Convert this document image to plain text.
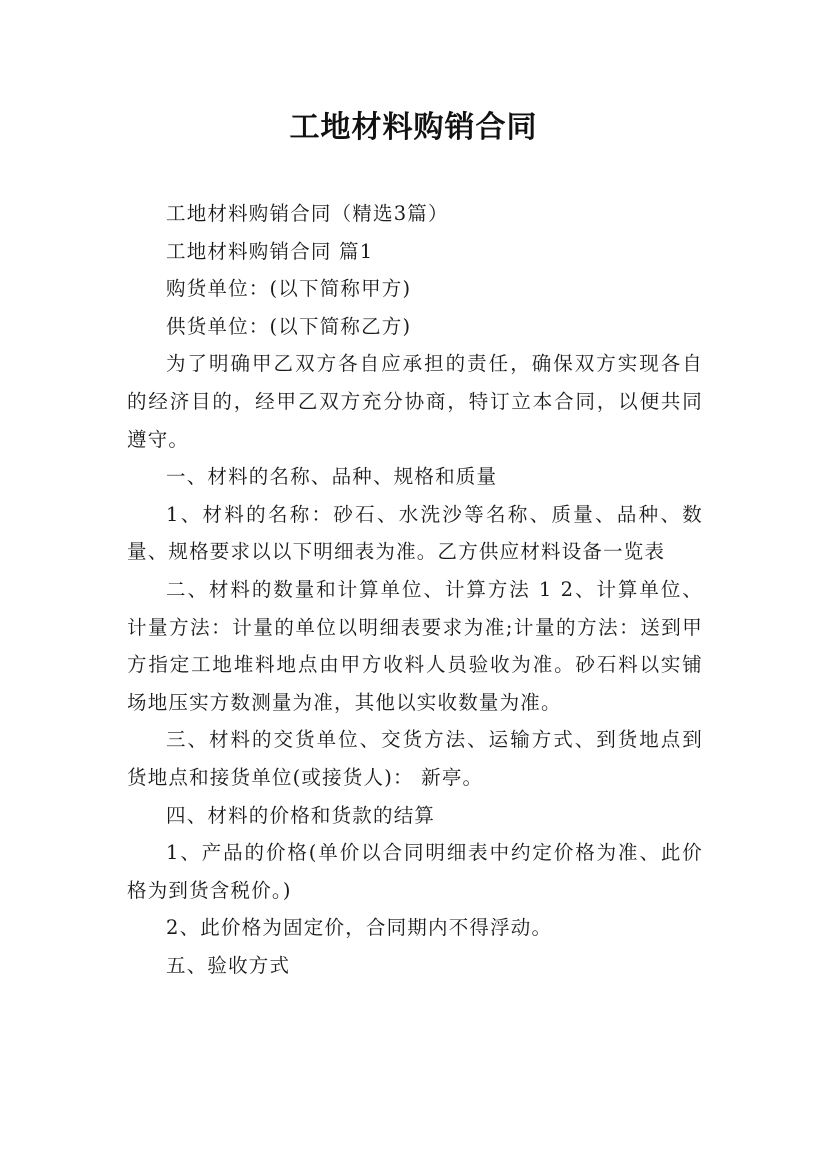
工地材料购销合同

工地材料购销合同（精选3篇）

工地材料购销合同 篇1

购货单位：(以下简称甲方)

供货单位：(以下简称乙方)

为了明确甲乙双方各自应承担的责任，确保双方实现各自的经济目的，经甲乙双方充分协商，特订立本合同，以便共同遵守。

一、材料的名称、品种、规格和质量

1、材料的名称：砂石、水洗沙等名称、质量、品种、数量、规格要求以以下明细表为准。乙方供应材料设备一览表

二、材料的数量和计算单位、计算方法 1 2、计算单位、计量方法：计量的单位以明细表要求为准;计量的方法：送到甲方指定工地堆料地点由甲方收料人员验收为准。砂石料以实铺场地压实方数测量为准，其他以实收数量为准。

三、材料的交货单位、交货方法、运输方式、到货地点到货地点和接货单位(或接货人)： 新亭。

四、材料的价格和货款的结算

1、产品的价格(单价以合同明细表中约定价格为准、此价格为到货含税价。)

2、此价格为固定价，合同期内不得浮动。

五、验收方式
